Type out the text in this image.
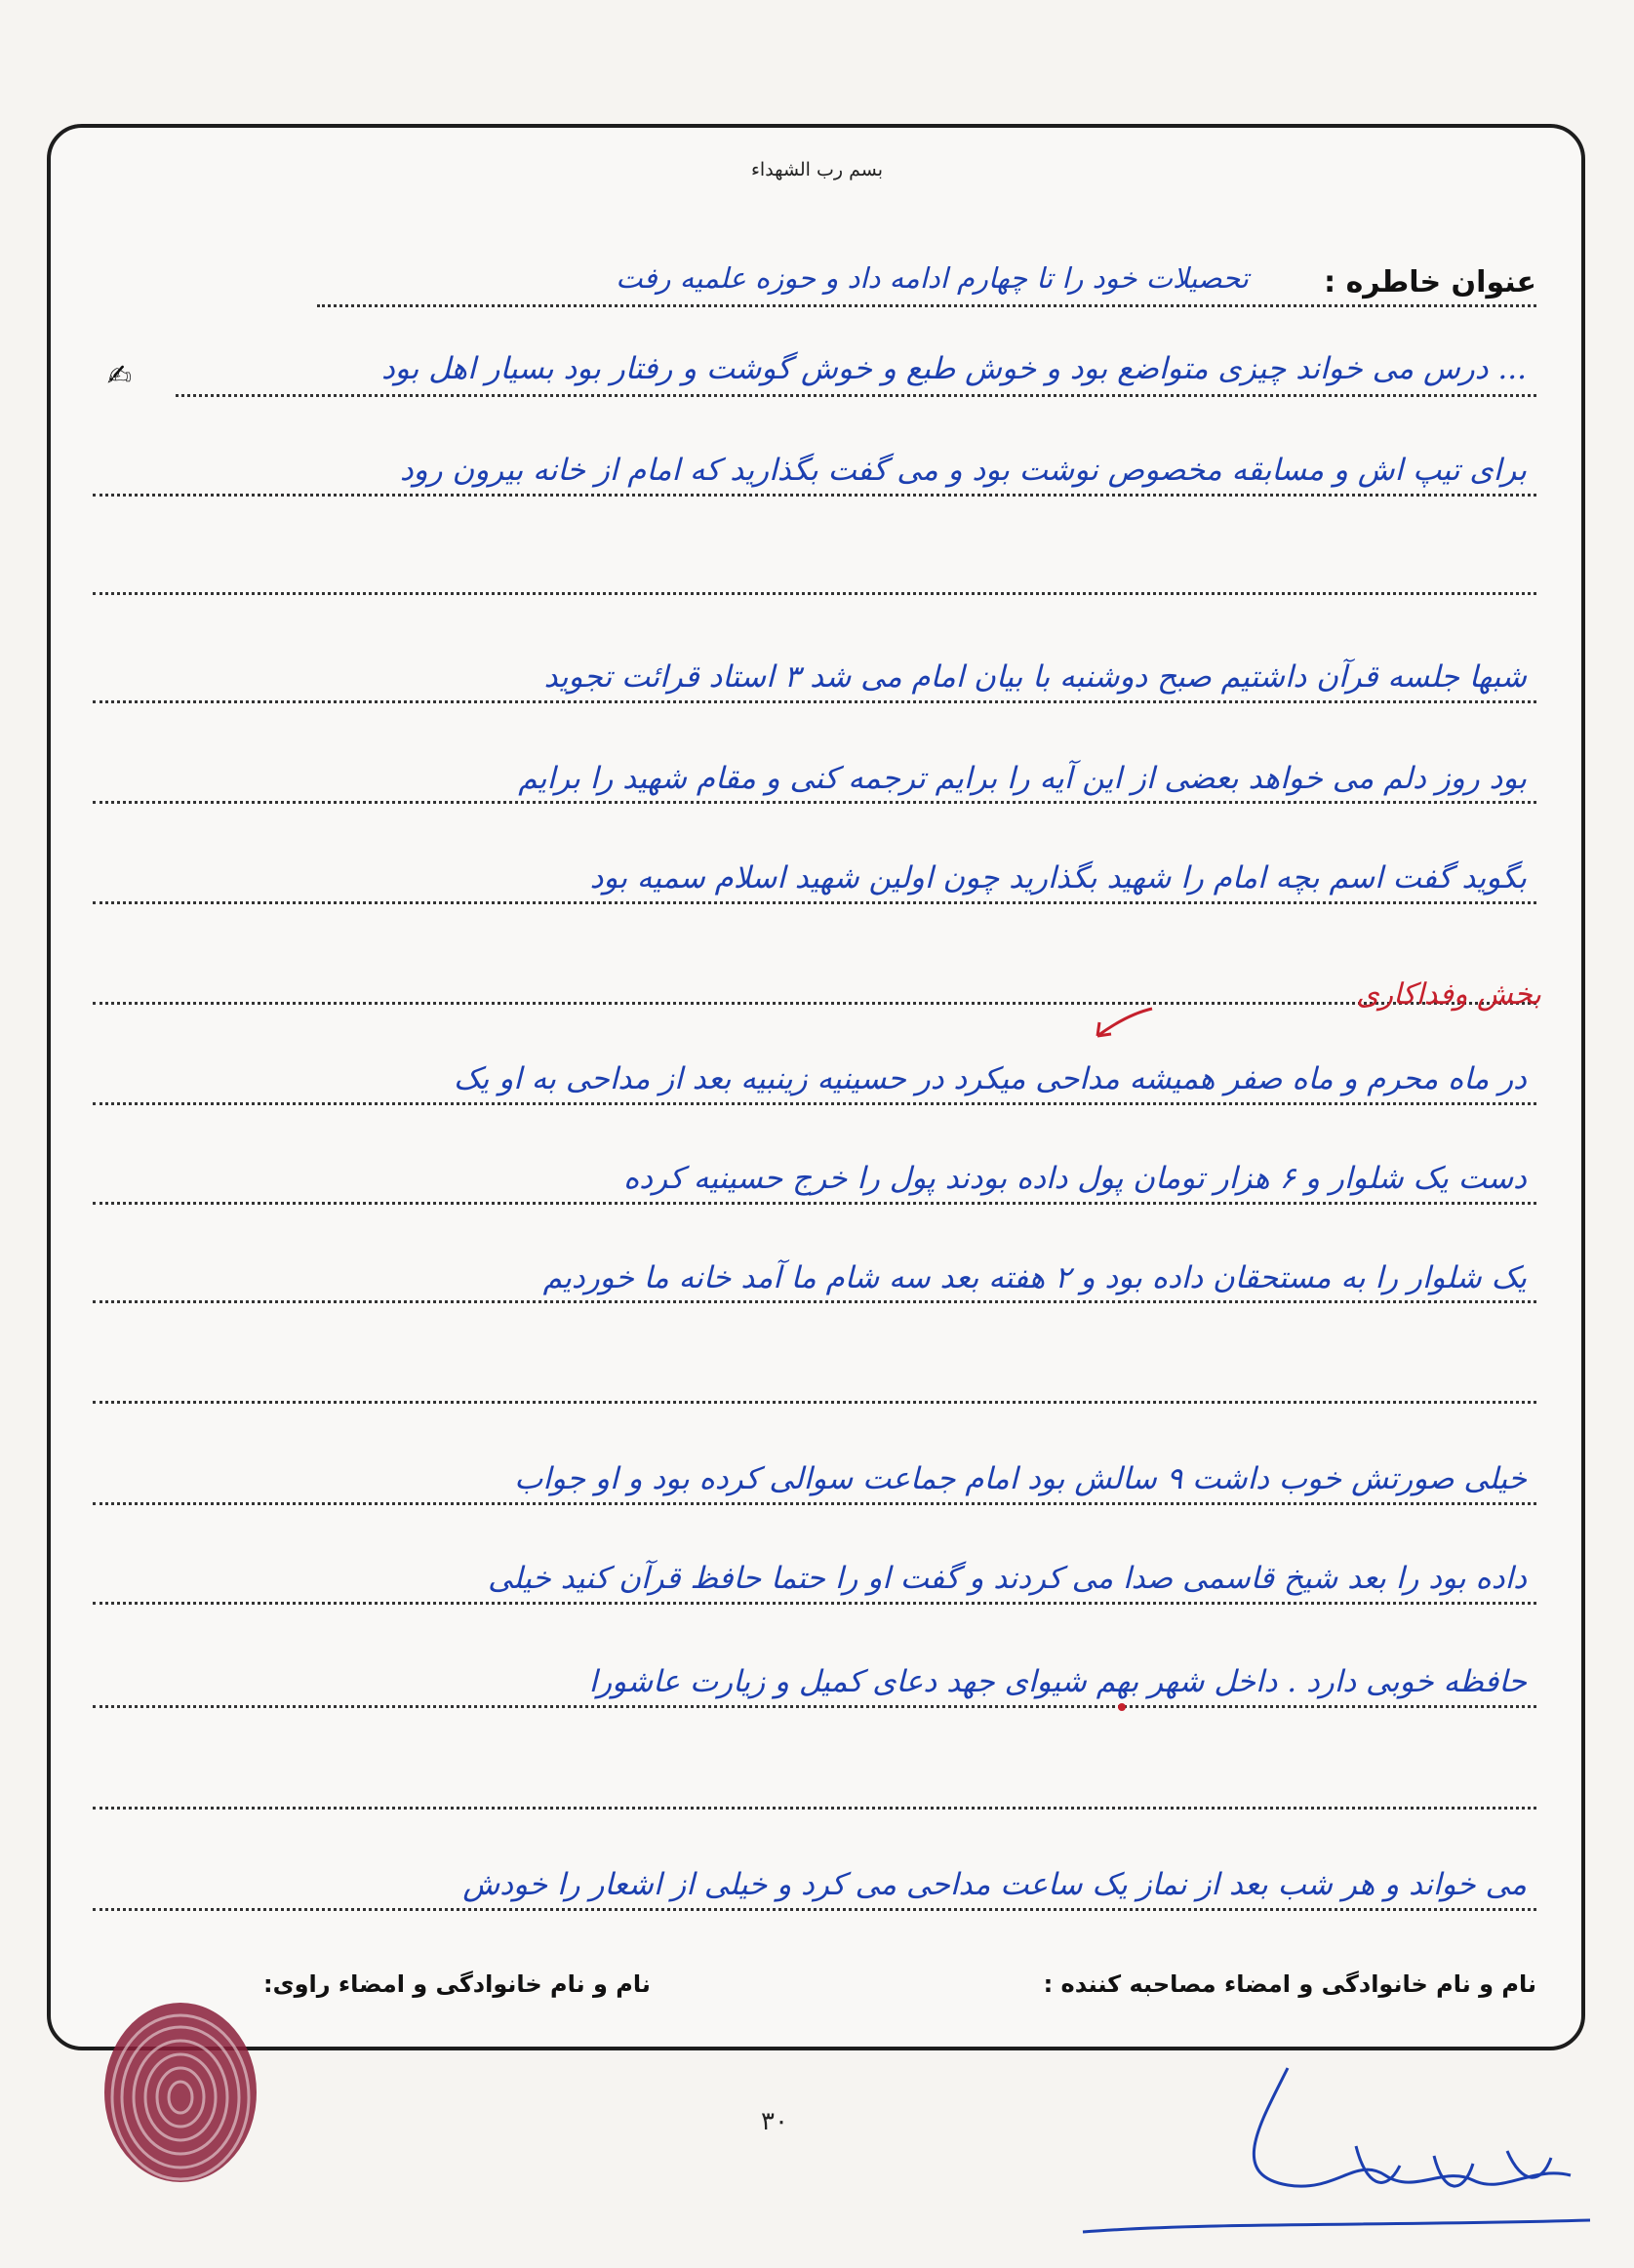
بسم رب الشهداء
عنوان خاطره :
تحصیلات خود را تا چهارم ادامه داد و حوزه علمیه رفت
✍	... درس می خواند چیزی متواضع بود و خوش طبع و خوش گوشت و رفتار بود بسیار اهل بود
برای تیپ اش و مسابقه مخصوص نوشت بود و می گفت بگذارید که امام از خانه بیرون رود
شبها جلسه قرآن داشتیم صبح دوشنبه با بیان امام می شد ۳ استاد قرائت تجوید
بود روز دلم می خواهد بعضی از این آیه را برایم ترجمه کنی و مقام شهید را برایم
بگوید گفت اسم بچه امام را شهید بگذارید چون اولین شهید اسلام سمیه بود
بخش وفداکاری
در ماه محرم و ماه صفر همیشه مداحی میکرد در حسینیه زینبیه بعد از مداحی به او یک
دست یک شلوار و ۶ هزار تومان پول داده بودند پول را خرج حسینیه کرده
یک شلوار را به مستحقان داده بود و ۲ هفته بعد سه شام ما آمد خانه ما خوردیم
خیلی صورتش خوب داشت ۹ سالش بود امام جماعت سوالی کرده بود و او جواب
داده بود را بعد شیخ قاسمی صدا می کردند و گفت او را حتما حافظ قرآن کنید خیلی
حافظه خوبی دارد . داخل شهر بهم شیوای جهد دعای کمیل و زیارت عاشورا
می خواند و هر شب بعد از نماز یک ساعت مداحی می کرد و خیلی از اشعار را خودش
نام و نام خانوادگی و امضاء مصاحبه کننده :
نام و نام خانوادگی و امضاء راوی:
۳۰
